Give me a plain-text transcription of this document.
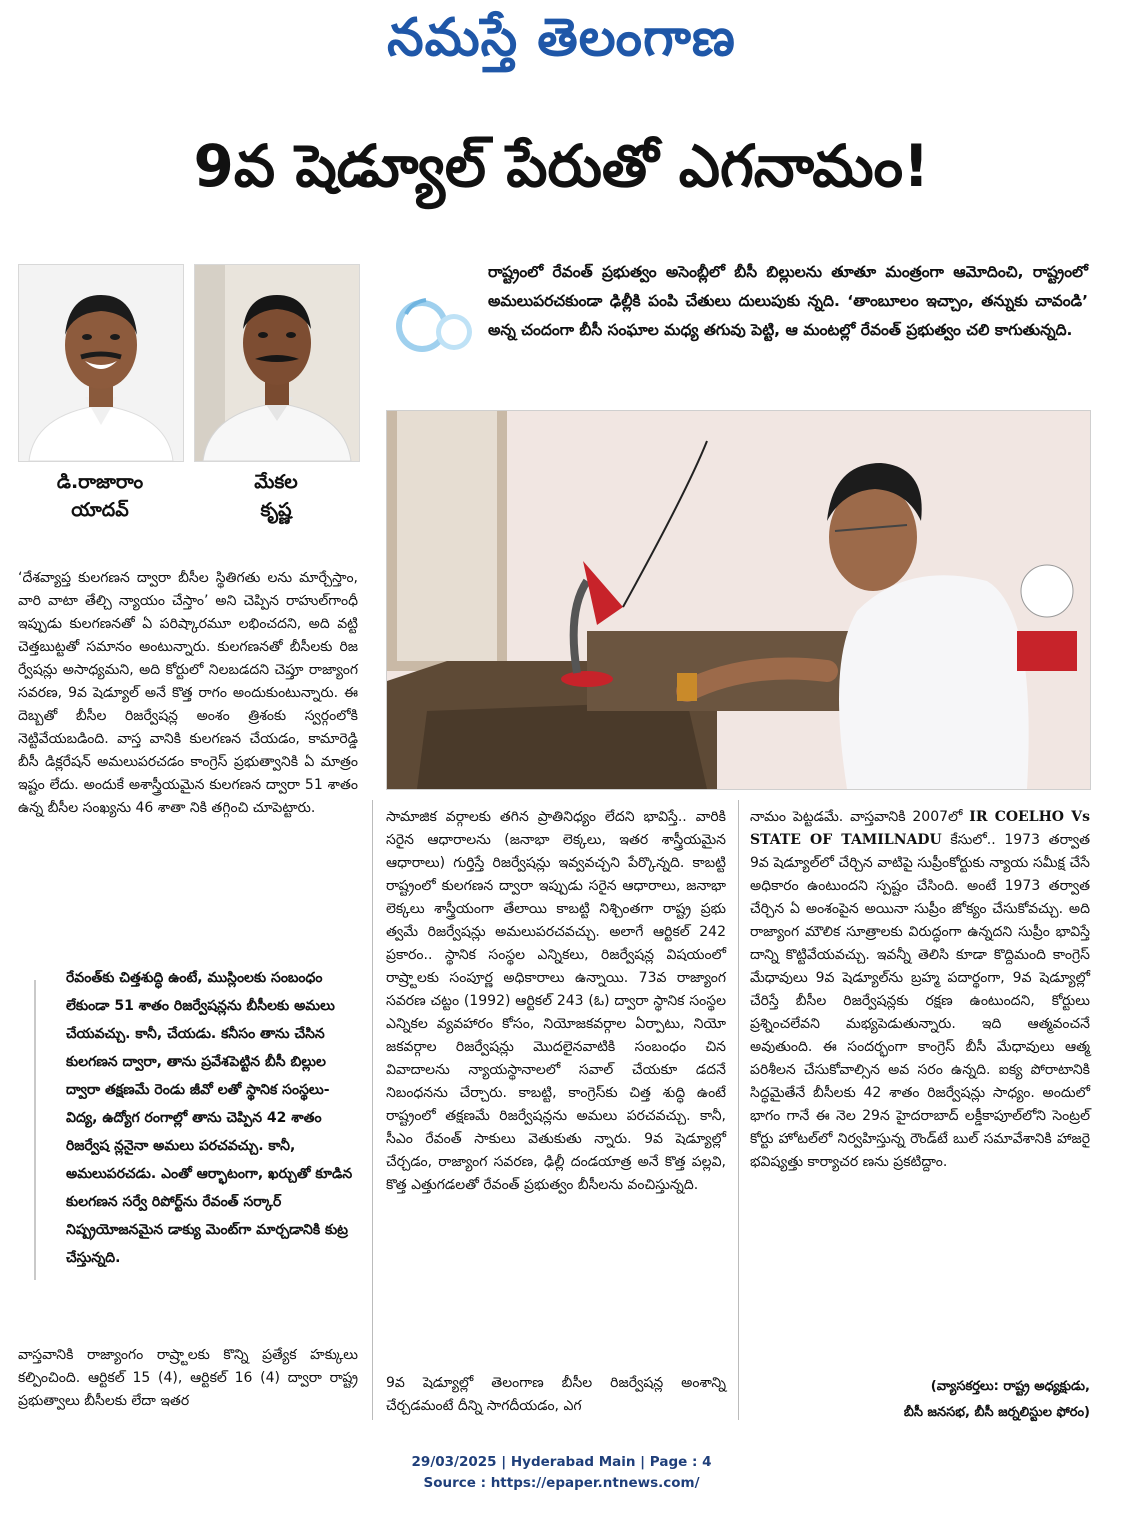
నమస్తే తెలంగాణ
9వ షెడ్యూల్ పేరుతో ఎగనామం!
డి.రాజారాం
యాదవ్
మేకల
కృష్ణ
రాష్ట్రంలో రేవంత్ ప్రభుత్వం అసెంబ్లీలో బీసీ బిల్లులను తూతూ మంత్రంగా ఆమోదించి, రాష్ట్రంలో అమలుపరచకుండా ఢిల్లీకి పంపి చేతులు దులుపుకు న్నది. ‘తాంబూలం ఇచ్చాం, తన్నుకు చావండి’ అన్న చందంగా బీసీ సంఘాల మధ్య తగువు పెట్టి, ఆ మంటల్లో రేవంత్ ప్రభుత్వం చలి కాగుతున్నది.
‘దేశవ్యాప్త కులగణన ద్వారా బీసీల స్థితిగతు లను మార్చేస్తాం, వారి వాటా తేల్చి న్యాయం చేస్తాం’ అని చెప్పిన రాహుల్‌గాంధీ ఇప్పుడు కులగణనతో ఏ పరిష్కారమూ లభించదని, అది వట్టి చెత్తబుట్టతో సమానం అంటున్నారు. కులగణనతో బీసీలకు రిజ ర్వేషన్లు అసాధ్యమని, అది కోర్టులో నిలబడదని చెప్తూ రాజ్యాంగ సవరణ, 9వ షెడ్యూల్ అనే కొత్త రాగం అందుకుంటున్నారు. ఈ దెబ్బతో బీసీల రిజర్వేషన్ల అంశం త్రిశంకు స్వర్గంలోకి నెట్టివేయబడింది. వాస్త వానికి కులగణన చేయడం, కామారెడ్డి బీసీ డిక్లరేషన్ అమలుపరచడం కాంగ్రెస్ ప్రభుత్వానికి ఏ మాత్రం ఇష్టం లేదు. అందుకే అశాస్త్రీయమైన కులగణన ద్వారా 51 శాతం ఉన్న బీసీల సంఖ్యను 46 శాతా నికి తగ్గించి చూపెట్టారు.
రేవంత్‌కు చిత్తశుద్ధి ఉంటే, ముస్లింలకు సంబంధం లేకుండా 51 శాతం రిజర్వేషన్లను బీసీలకు అమలు చేయవచ్చు. కానీ, చేయడు. కనీసం తాను చేసిన కులగణన ద్వారా, తాను ప్రవేశపెట్టిన బీసీ బిల్లుల ద్వారా తక్షణమే రెండు జీవో లతో స్థానిక సంస్థలు-విద్య, ఉద్యోగ రంగాల్లో తాను చెప్పిన 42 శాతం రిజర్వేష న్లనైనా అమలు పరచవచ్చు. కానీ, అమలుపరచడు. ఎంతో ఆర్భాటంగా, ఖర్చుతో కూడిన కులగణన సర్వే రిపోర్ట్‌ను రేవంత్ సర్కార్ నిష్ప్రయోజనమైన డాక్యు మెంట్‌గా మార్చడానికి కుట్ర చేస్తున్నది.
వాస్తవానికి రాజ్యాంగం రాష్ర్టాలకు కొన్ని ప్రత్యేక హక్కులు కల్పించింది. ఆర్టికల్ 15 (4), ఆర్టికల్ 16 (4) ద్వారా రాష్ట్ర ప్రభుత్వాలు బీసీలకు లేదా ఇతర
సామాజిక వర్గాలకు తగిన ప్రాతినిధ్యం లేదని భావిస్తే.. వారికి సరైన ఆధారాలను (జనాభా లెక్కలు, ఇతర శాస్త్రీయమైన ఆధారాలు) గుర్తిస్తే రిజర్వేషన్లు ఇవ్వవచ్చని పేర్కొన్నది. కాబట్టి రాష్ట్రంలో కులగణన ద్వారా ఇప్పుడు సరైన ఆధారాలు, జనాభా లెక్కలు శాస్త్రీయంగా తేలాయి కాబట్టి నిశ్చింతగా రాష్ట్ర ప్రభు త్వమే రిజర్వేషన్లు అమలుపరచవచ్చు. అలాగే ఆర్టికల్ 242 ప్రకారం.. స్థానిక సంస్థల ఎన్నికలు, రిజర్వేషన్ల విషయంలో రాష్ర్టాలకు సంపూర్ణ అధికారాలు ఉన్నాయి. 73వ రాజ్యాంగ సవరణ చట్టం (1992) ఆర్టికల్ 243 (ఓ) ద్వారా స్థానిక సంస్థల ఎన్నికల వ్యవహారం కోసం, నియోజకవర్గాల ఏర్పాటు, నియో జకవర్గాల రిజర్వేషన్లు మొదలైనవాటికి సంబంధం చిన వివాదాలను న్యాయస్థానాలలో సవాల్ చేయకూ డదనే నిబంధనను చేర్చారు. కాబట్టి, కాంగ్రెస్‌కు చిత్త శుద్ధి ఉంటే రాష్ట్రంలో తక్షణమే రిజర్వేషన్లను అమలు పరచవచ్చు. కానీ, సీఎం రేవంత్ సాకులు వెతుకుతు న్నారు. 9వ షెడ్యూల్లో చేర్చడం, రాజ్యాంగ సవరణ, ఢిల్లీ దండయాత్ర అనే కొత్త పల్లవి, కొత్త ఎత్తుగడలతో రేవంత్ ప్రభుత్వం బీసీలను వంచిస్తున్నది.
9వ షెడ్యూల్లో తెలంగాణ బీసీల రిజర్వేషన్ల అంశాన్ని చేర్చడమంటే దీన్ని సాగదీయడం, ఎగ
నామం పెట్టడమే. వాస్తవానికి 2007లో IR COELHO Vs STATE OF TAMILNADU కేసులో.. 1973 తర్వాత 9వ షెడ్యూల్‌లో చేర్చిన వాటిపై సుప్రీంకోర్టుకు న్యాయ సమీక్ష చేసే అధికారం ఉంటుందని స్పష్టం చేసింది. అంటే 1973 తర్వాత చేర్చిన ఏ అంశంపైన అయినా సుప్రీం జోక్యం చేసుకోవచ్చు. అది రాజ్యాంగ మౌలిక సూత్రాలకు విరుద్ధంగా ఉన్నదని సుప్రీం భావిస్తే దాన్ని కొట్టివేయవచ్చు. ఇవన్నీ తెలిసి కూడా కొద్దిమంది కాంగ్రెస్ మేధావులు 9వ షెడ్యూల్‌ను బ్రహ్మ పదార్థంగా, 9వ షెడ్యూల్లో చేరిస్తే బీసీల రిజర్వేషన్లకు రక్షణ ఉంటుందని, కోర్టులు ప్రశ్నించలేవని మభ్యపెడుతున్నారు. ఇది ఆత్మవంచనే అవుతుంది. ఈ సందర్భంగా కాంగ్రెస్ బీసీ మేధావులు ఆత్మ పరిశీలన చేసుకోవాల్సిన అవ సరం ఉన్నది. ఐక్య పోరాటానికి సిద్ధమైతేనే బీసీలకు 42 శాతం రిజర్వేషన్లు సాధ్యం. అందులో భాగం గానే ఈ నెల 29న హైదరాబాద్ లక్డీకాపూల్‌లోని సెంట్రల్ కోర్టు హోటల్‌లో నిర్వహిస్తున్న రౌండ్‌టే బుల్ సమావేశానికి హాజరై భవిష్యత్తు కార్యాచర ణను ప్రకటిద్దాం.
(వ్యాసకర్తలు: రాష్ట్ర అధ్యక్షుడు,
బీసీ జనసభ, బీసీ జర్నలిస్టుల ఫోరం)
29/03/2025 | Hyderabad Main | Page : 4
Source : https://epaper.ntnews.com/
